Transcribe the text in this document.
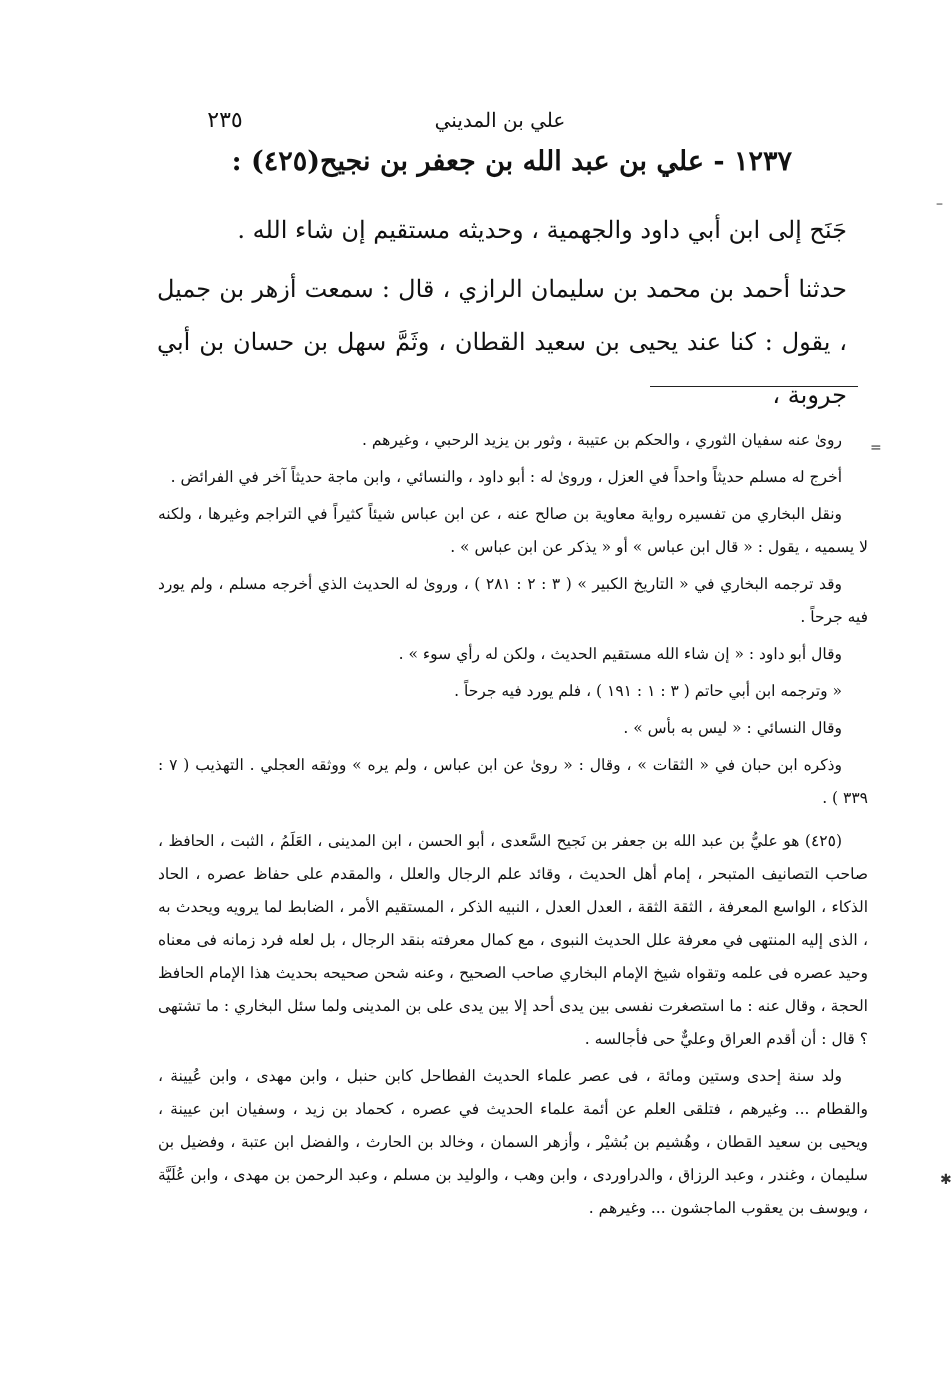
علي بن المديني
٢٣٥
١٢٣٧ - علي بن عبد الله بن جعفر بن نجيح(٤٢٥) :

جَنَح إلى ابن أبي داود والجهمية ، وحديثه مستقيم إن شاء الله .

حدثنا أحمد بن محمد بن سليمان الرازي ، قال : سمعت أزهر بن جميل ، يقول : كنا عند يحيى بن سعيد القطان ، وثَمَّ سهل بن حسان بن أبي جروبة ،

رویٰ عنه سفيان الثوري ، والحكم بن عتيبة ، وثور بن يزيد الرحبي ، وغيرهم .

أخرج له مسلم حديثاً واحداً في العزل ، وروىٰ له : أبو داود ، والنسائي ، وابن ماجة حديثاً آخر في الفرائض .

ونقل البخاري من تفسيره رواية معاوية بن صالح عنه ، عن ابن عباس شيئاً كثيراً في التراجم وغيرها ، ولكنه لا يسميه ، يقول : « قال ابن عباس » أو « يذكر عن ابن عباس » .

وقد ترجمه البخاري في « التاريخ الكبير » ( ٣ : ٢ : ٢٨١ ) ، وروىٰ له الحديث الذي أخرجه مسلم ، ولم يورد فيه جرحاً .

وقال أبو داود : « إن شاء الله مستقيم الحديث ، ولكن له رأي سوء » .

« وترجمه ابن أبي حاتم ( ٣ : ١ : ١٩١ ) ، فلم يورد فيه جرحاً .

وقال النسائي : « ليس به بأس » .

وذكره ابن حبان في « الثقات » ، وقال : « روىٰ عن ابن عباس ، ولم يره » ووثقه العجلي . التهذيب ( ٧ : ٣٣٩ ) .

(٤٢٥) هو عليُّ بن عبد الله بن جعفر بن نَجيح السَّعدى ، أبو الحسن ، ابن المدينى ، العَلَمُ ، الثبت ، الحافظ ، صاحب التصانيف المتبحر ، إمام أهل الحديث ، وقائد علم الرجال والعلل ، والمقدم على حفاظ عصره ، الحاد الذكاء ، الواسع المعرفة ، الثقة الثقة ، العدل العدل ، النبيه الذكر ، المستقيم الأمر ، الضابط لما يرويه ويحدث به ، الذى إليه المنتهى في معرفة علل الحديث النبوى ، مع كمال معرفته بنقد الرجال ، بل لعله فرد زمانه فى معناه وحيد عصره فى علمه وتقواه شيخ الإمام البخاري صاحب الصحيح ، وعنه شحن صحيحه بحديث هذا الإمام الحافظ الحجة ، وقال عنه : ما استصغرت نفسى بين يدى أحد إلا بين يدى على بن المدينى ولما سئل البخاري : ما تشتهى ؟ قال : أن أقدم العراق وعليٌّ حى فأجالسه .

ولد سنة إحدى وستين ومائة ، فى عصر علماء الحديث الفطاحل كابن حنبل ، وابن مهدى ، وابن عُيينة ، والقطام ... وغيرهم ، فتلقى العلم عن أئمة علماء الحديث في عصره ، كحماد بن زيد ، وسفيان ابن عيينة ، ويحيى بن سعيد القطان ، وهُشيم بن بُشيْر ، وأزهر السمان ، وخالد بن الحارث ، والفضل ابن عتبة ، وفضيل بن سليمان ، وغندر ، وعبد الرزاق ، والدراوردى ، وابن وهب ، والوليد بن مسلم ، وعبد الرحمن بن مهدى ، وابن عُلَيَّة ، ويوسف بن يعقوب الماجشون ... وغيرهم .

–
=
✱
